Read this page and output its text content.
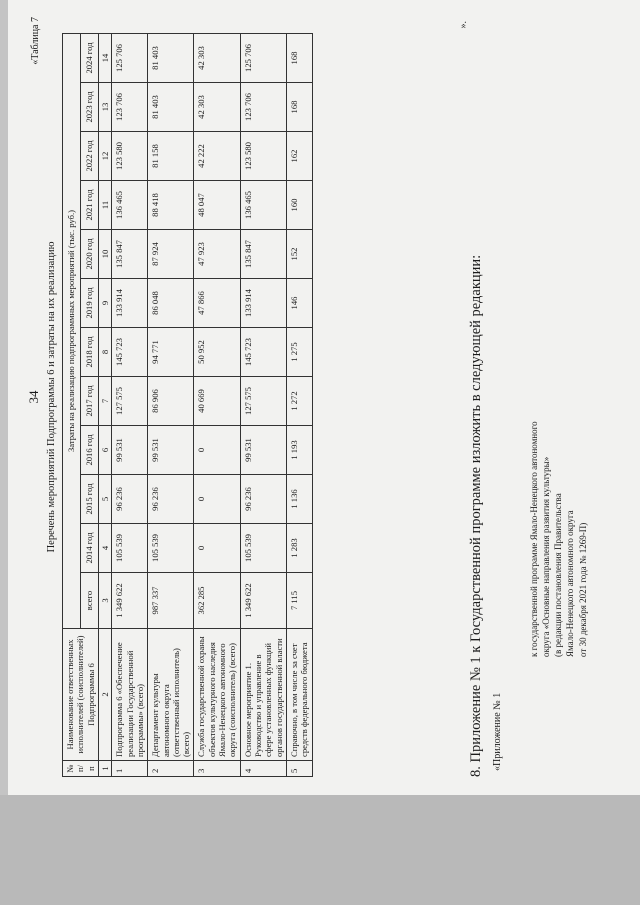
34
«Таблица 7
Перечень мероприятий Подпрограммы 6 и затраты на их реализацию
№ п/п	Наименование ответственных исполнителей (соисполнителей) Подпрограммы 6	Затраты на реализацию подпрограммных мероприятий (тыс. руб.)											
		всего	2014 год	2015 год	2016 год	2017 год	2018 год	2019 год	2020 год	2021 год	2022 год	2023 год	2024 год
1	2	3	4	5	6	7	8	9	10	11	12	13	14
1	Подпрограмма 6 «Обеспечение реализации Государственной программы» (всего)	1 349 622	105 539	96 236	99 531	127 575	145 723	133 914	135 847	136 465	123 580	123 706	125 706
2	Департамент культуры автономного округа (ответственный исполнитель) (всего)	987 337	105 539	96 236	99 531	86 906	94 771	86 048	87 924	88 418	81 158	81 403	81 403
3	Служба государственной охраны объектов культурного наследия Ямало-Ненецкого автономного округа (соисполнитель) (всего)	362 285	0	0	0	40 669	50 952	47 866	47 923	48 047	42 222	42 303	42 303
4	Основное мероприятие 1. Руководство и управление в сфере установленных функций органов государственной власти	1 349 622	105 539	96 236	99 531	127 575	145 723	133 914	135 847	136 465	123 580	123 706	125 706
5	Справочно, в том числе за счет средств федерального бюджета	7 115	1 283	1 136	1 193	1 272	1 275	146	152	160	162	168	168
».
8. Приложение № 1 к Государственной программе изложить в следующей редакции: «Приложение № 1
к государственной программе Ямало-Ненецкого автономного округа «Основные направления развития культуры» (в редакции постановления Правительства Ямало-Ненецкого автономного округа от 30 декабря 2021 года № 1269-П)
